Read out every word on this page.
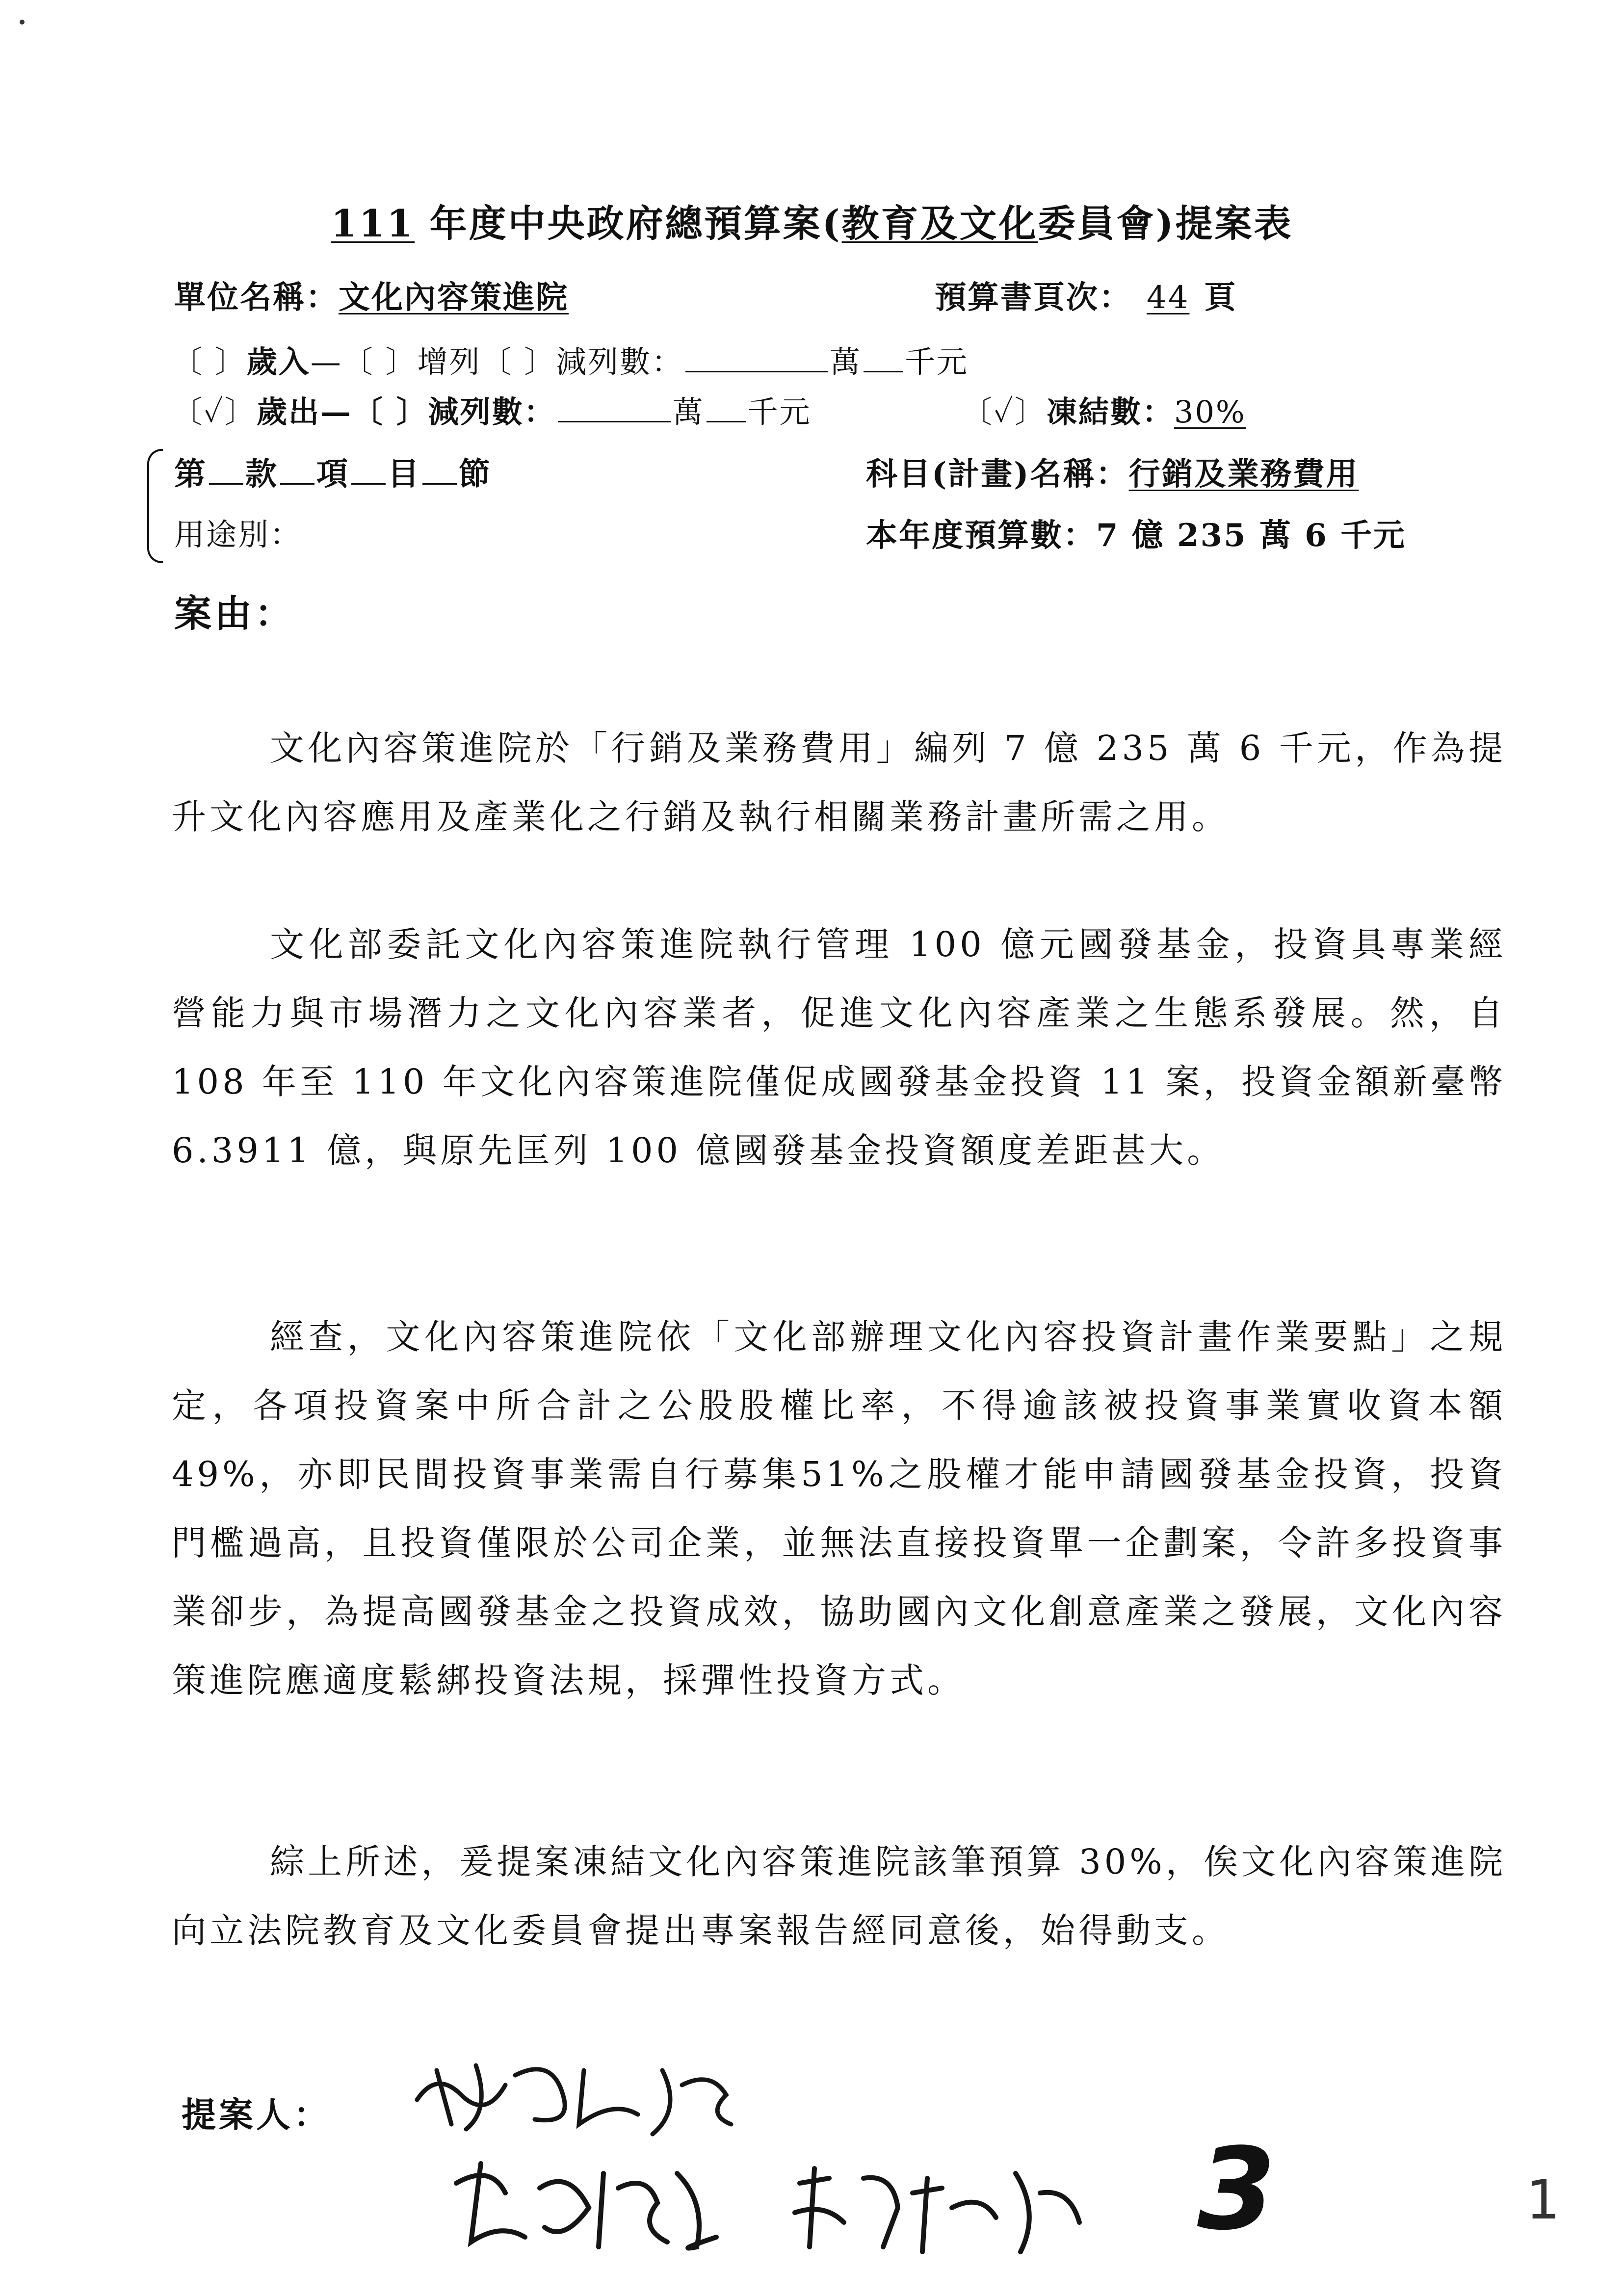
111 年度中央政府總預算案(教育及文化委員會)提案表
單位名稱：文化內容策進院	預算書頁次： 44 頁
〔 〕歲入—〔 〕增列〔 〕減列數：	萬 千元
〔✓〕歲出—〔 〕減列數：	萬 千元	〔✓〕凍結數：30%
第 款 項 目 節	科目(計畫)名稱：行銷及業務費用
用途別：	本年度預算數：7 億 235 萬 6 千元
案由：
文化內容策進院於「行銷及業務費用」編列 7 億 235 萬 6 千元，作為提升文化內容應用及產業化之行銷及執行相關業務計畫所需之用。
文化部委託文化內容策進院執行管理 100 億元國發基金，投資具專業經營能力與市場潛力之文化內容業者，促進文化內容產業之生態系發展。然，自 108 年至 110 年文化內容策進院僅促成國發基金投資 11 案，投資金額新臺幣 6.3911 億，與原先匡列 100 億國發基金投資額度差距甚大。
經查，文化內容策進院依「文化部辦理文化內容投資計畫作業要點」之規定，各項投資案中所合計之公股股權比率，不得逾該被投資事業實收資本額49%，亦即民間投資事業需自行募集51%之股權才能申請國發基金投資，投資門檻過高，且投資僅限於公司企業，並無法直接投資單一企劃案，令許多投資事業卻步，為提高國發基金之投資成效，協助國內文化創意產業之發展，文化內容策進院應適度鬆綁投資法規，採彈性投資方式。
綜上所述，爰提案凍結文化內容策進院該筆預算 30%，俟文化內容策進院向立法院教育及文化委員會提出專案報告經同意後，始得動支。
提案人：
3	1
